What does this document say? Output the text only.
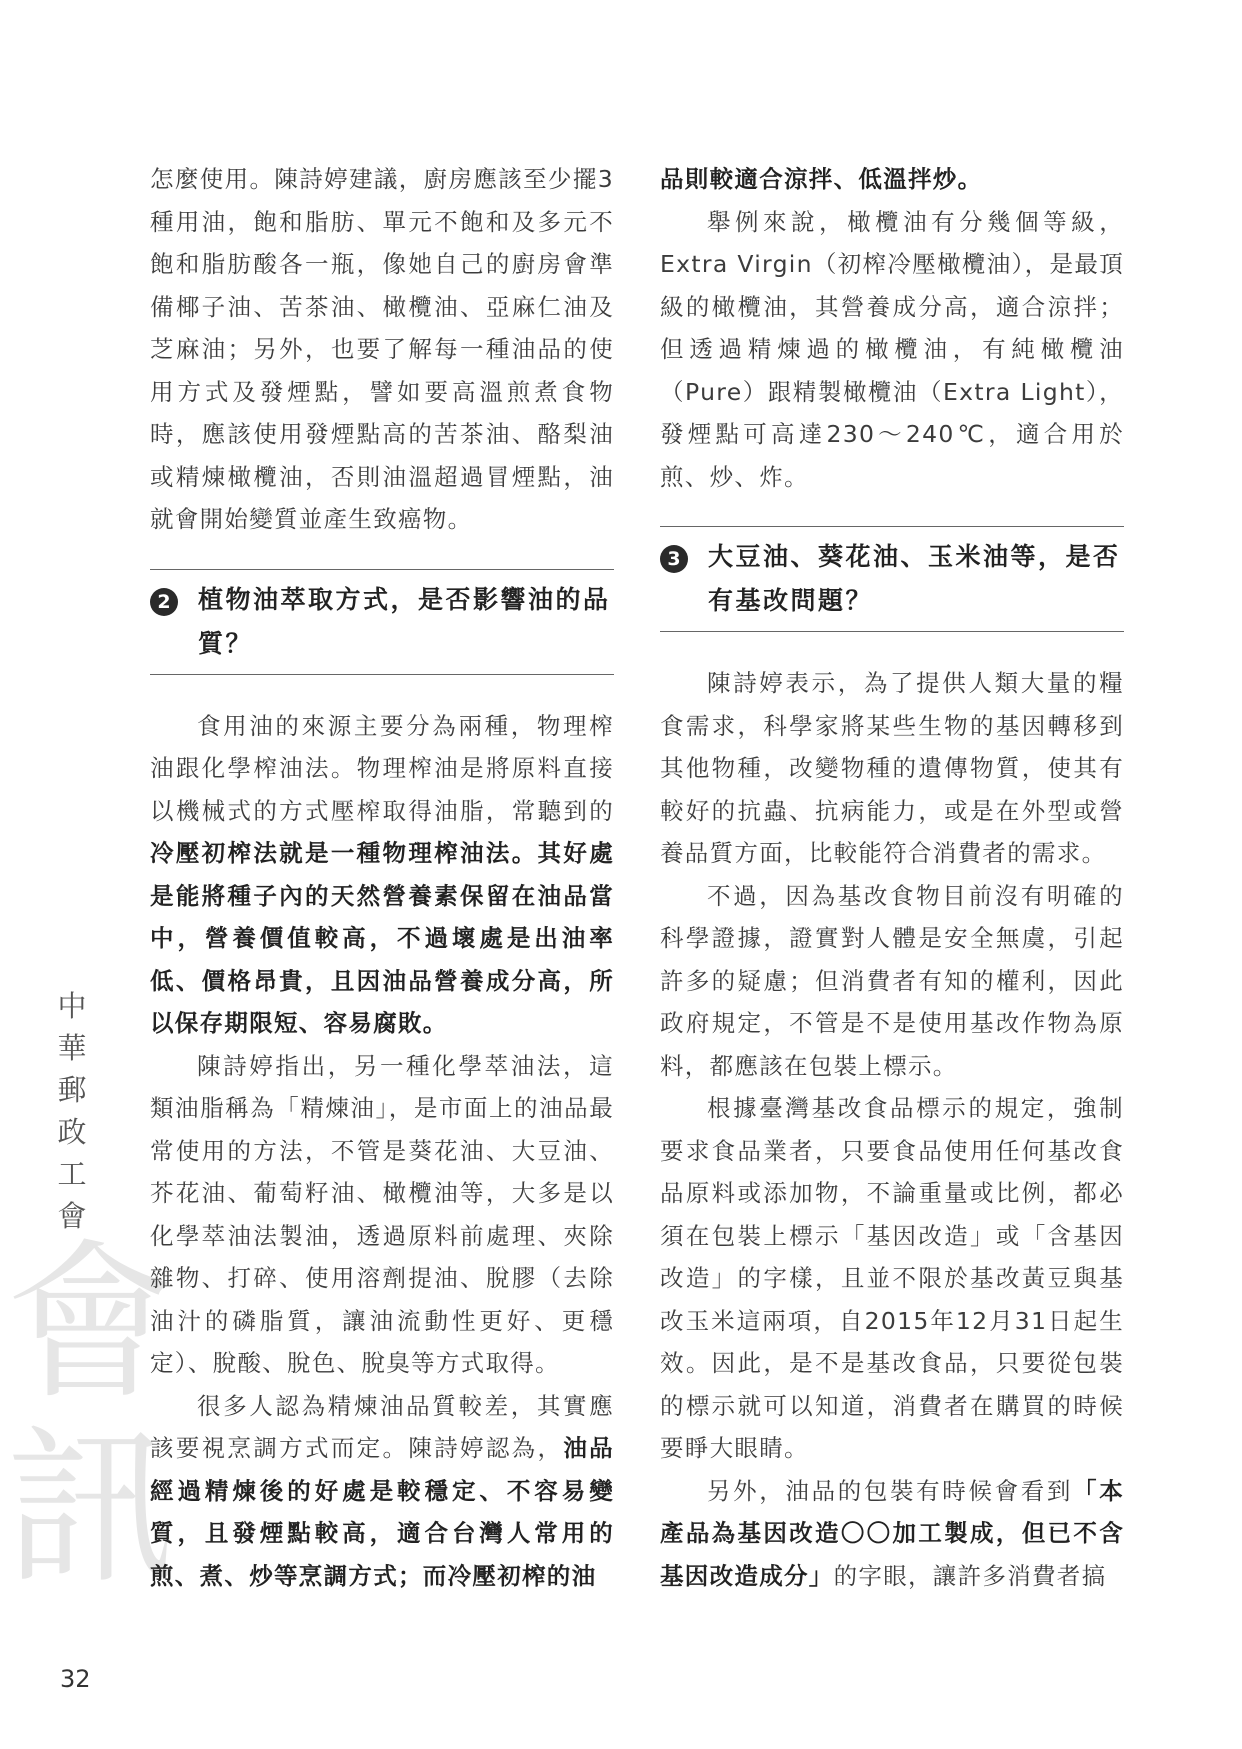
中華郵政工會
會訊

怎麼使用。陳詩婷建議，廚房應該至少擺3種用油，飽和脂肪、單元不飽和及多元不飽和脂肪酸各一瓶，像她自己的廚房會準備椰子油、苦茶油、橄欖油、亞麻仁油及芝麻油；另外，也要了解每一種油品的使用方式及發煙點，譬如要高溫煎煮食物時，應該使用發煙點高的苦茶油、酪梨油或精煉橄欖油，否則油溫超過冒煙點，油就會開始變質並產生致癌物。

2 植物油萃取方式，是否影響油的品質？

食用油的來源主要分為兩種，物理榨油跟化學榨油法。物理榨油是將原料直接以機械式的方式壓榨取得油脂，常聽到的冷壓初榨法就是一種物理榨油法。其好處是能將種子內的天然營養素保留在油品當中，營養價值較高，不過壞處是出油率低、價格昂貴，且因油品營養成分高，所以保存期限短、容易腐敗。

陳詩婷指出，另一種化學萃油法，這類油脂稱為「精煉油」，是市面上的油品最常使用的方法，不管是葵花油、大豆油、芥花油、葡萄籽油、橄欖油等，大多是以化學萃油法製油，透過原料前處理、夾除雜物、打碎、使用溶劑提油、脫膠（去除油汁的磷脂質，讓油流動性更好、更穩定）、脫酸、脫色、脫臭等方式取得。

很多人認為精煉油品質較差，其實應該要視烹調方式而定。陳詩婷認為，油品經過精煉後的好處是較穩定、不容易變質，且發煙點較高，適合台灣人常用的煎、煮、炒等烹調方式；而冷壓初榨的油

品則較適合涼拌、低溫拌炒。

舉例來說，橄欖油有分幾個等級，Extra Virgin（初榨冷壓橄欖油），是最頂級的橄欖油，其營養成分高，適合涼拌；但透過精煉過的橄欖油，有純橄欖油（Pure）跟精製橄欖油（Extra Light），發煙點可高達230～240℃，適合用於煎、炒、炸。

3 大豆油、葵花油、玉米油等，是否有基改問題？

陳詩婷表示，為了提供人類大量的糧食需求，科學家將某些生物的基因轉移到其他物種，改變物種的遺傳物質，使其有較好的抗蟲、抗病能力，或是在外型或營養品質方面，比較能符合消費者的需求。

不過，因為基改食物目前沒有明確的科學證據，證實對人體是安全無虞，引起許多的疑慮；但消費者有知的權利，因此政府規定，不管是不是使用基改作物為原料，都應該在包裝上標示。

根據臺灣基改食品標示的規定，強制要求食品業者，只要食品使用任何基改食品原料或添加物，不論重量或比例，都必須在包裝上標示「基因改造」或「含基因改造」的字樣，且並不限於基改黃豆與基改玉米這兩項，自2015年12月31日起生效。因此，是不是基改食品，只要從包裝的標示就可以知道，消費者在購買的時候要睜大眼睛。

另外，油品的包裝有時候會看到「本產品為基因改造〇〇加工製成，但已不含基因改造成分」的字眼，讓許多消費者搞

32
